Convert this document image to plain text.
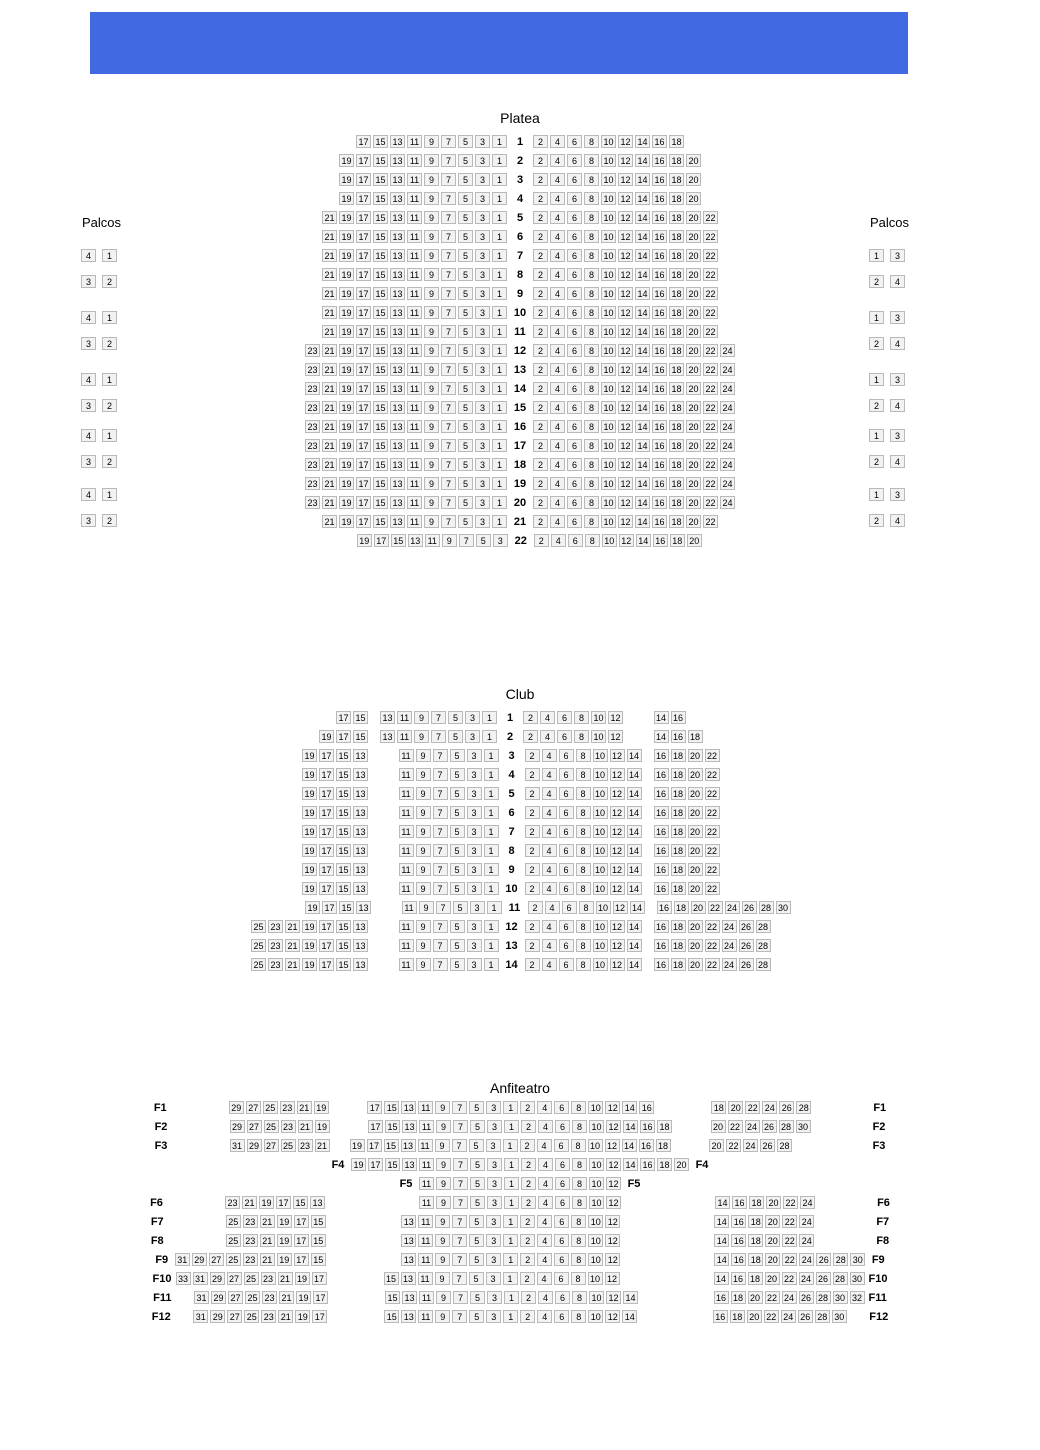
Platea
17 15 13 11	9	7	5	3	1	1	2	4	6	8	10 12 14 16 18
19 17 15 13 11	9	7	5	3	1	2	2	4	6	8	10 12 14 16 18 20
19 17 15 13 11	9	7	5	3	1	3	2	4	6	8	10 12 14 16 18 20
19 17 15 13 11	9	7	5	3	1	4	2	4	6	8	10 12 14 16 18 20
21 19 17 15 13 11	9	7	5	3	1	5	2	4	6	8	10 12 14 16 18 20 22
21 19 17 15 13 11	9	7	5	3	1	6	2	4	6	8	10 12 14 16 18 20 22
21 19 17 15 13 11	9	7	5	3	1	7	2	4	6	8	10 12 14 16 18 20 22
21 19 17 15 13 11	9	7	5	3	1	8	2	4	6	8	10 12 14 16 18 20 22
21 19 17 15 13 11	9	7	5	3	1	9	2	4	6	8	10 12 14 16 18 20 22
21 19 17 15 13 11	9	7	5	3	1	10	2	4	6	8	10 12 14 16 18 20 22
21 19 17 15 13 11	9	7	5	3	1	11	2	4	6	8	10 12 14 16 18 20 22
23 21 19 17 15 13 11	9	7	5	3	1	12	2	4	6	8	10 12 14 16 18 20 22 24
23 21 19 17 15 13 11	9	7	5	3	1	13	2	4	6	8	10 12 14 16 18 20 22 24
23 21 19 17 15 13 11	9	7	5	3	1	14	2	4	6	8	10 12 14 16 18 20 22 24
23 21 19 17 15 13 11	9	7	5	3	1	15	2	4	6	8	10 12 14 16 18 20 22 24
23 21 19 17 15 13 11	9	7	5	3	1	16	2	4	6	8	10 12 14 16 18 20 22 24
23 21 19 17 15 13 11	9	7	5	3	1	17	2	4	6	8	10 12 14 16 18 20 22 24
23 21 19 17 15 13 11	9	7	5	3	1	18	2	4	6	8	10 12 14 16 18 20 22 24
23 21 19 17 15 13 11	9	7	5	3	1	19	2	4	6	8	10 12 14 16 18 20 22 24
23 21 19 17 15 13 11	9	7	5	3	1	20	2	4	6	8	10 12 14 16 18 20 22 24
21 19 17 15 13 11	9	7	5	3	1	21	2	4	6	8	10 12 14 16 18 20 22
19 17 15 13 11	9	7	5	3	22	2	4	6	8	10 12 14 16 18 20
Palcos	Palcos
4	1
3	2
4	1
3	2
4	1
3	2
4	1
3	2
4	1
3	2
1	3
2	4
1	3
2	4
1	3
2	4
1	3
2	4
1	3
2	4
Club
17 15 13 11	9	7	5	3	1	1	2	4	6	8	10 12	14 16
19 17 15 13 11	9	7	5	3	1	2	2	4	6	8	10 12	14 16 18
19 17 15 13	11	9	7	5	3	1	3	2	4	6	8	10 12 14 16 18 20 22
19 17 15 13	11	9	7	5	3	1	4	2	4	6	8	10 12 14 16 18 20 22
19 17 15 13	11	9	7	5	3	1	5	2	4	6	8	10 12 14 16 18 20 22
19 17 15 13	11	9	7	5	3	1	6	2	4	6	8	10 12 14 16 18 20 22
19 17 15 13	11	9	7	5	3	1	7	2	4	6	8	10 12 14 16 18 20 22
19 17 15 13	11	9	7	5	3	1	8	2	4	6	8	10 12 14 16 18 20 22
19 17 15 13	11	9	7	5	3	1	9	2	4	6	8	10 12 14 16 18 20 22
19 17 15 13	11	9	7	5	3	1	10	2	4	6	8	10 12 14 16 18 20 22
19 17 15 13	11	9	7	5	3	1	11	2	4	6	8	10 12 14 16 18 20 22 24 26 28 30
25 23 21 19 17 15 13	11	9	7	5	3	1	12	2	4	6	8	10 12 14 16 18 20 22 24 26 28
25 23 21 19 17 15 13	11	9	7	5	3	1	13	2	4	6	8	10 12 14 16 18 20 22 24 26 28
25 23 21 19 17 15 13	11	9	7	5	3	1	14	2	4	6	8	10 12 14 16 18 20 22 24 26 28
Anfiteatro
F1	29 27 25 23 21 19	17 15 13 11	9	7	5	3	1	2	4	6	8	10 12 14 16	18 20 22 24 26 28	F1
F2	29 27 25 23 21 19	17 15 13 11	9	7	5	3	1	2	4	6	8	10 12 14 16 18	20 22 24 26 28 30	F2
F3	31 29 27 25 23 21	19 17 15 13 11	9	7	5	3	1	2	4	6	8	10 12 14 16 18	20 22 24 26 28	F3
F4 19 17 15 13 11	9	7	5	3	1	2	4	6	8	10 12 14 16 18 20 F4
F5	11	9	7	5	3	1	2	4	6	8	10 12 F5
F6	23 21 19 17 15 13	11	9	7	5	3	1	2	4	6	8	10 12	14 16 18 20 22 24	F6
F7	25 23 21 19 17 15	13 11	9	7	5	3	1	2	4	6	8	10 12	14 16 18 20 22 24	F7
F8	25 23 21 19 17 15	13 11	9	7	5	3	1	2	4	6	8	10 12	14 16 18 20 22 24	F8
F9 31 29 27 25 23 21 19 17 15	13 11	9	7	5	3	1	2	4	6	8	10 12	14 16 18 20 22 24 26 28 30 F9
F10 33 31 29 27 25 23 21 19 17	15 13 11	9	7	5	3	1	2	4	6	8	10 12	14 16 18 20 22 24 26 28 30 F10
F11	31 29 27 25 23 21 19 17	15 13 11	9	7	5	3	1	2	4	6	8	10 12 14	16 18 20 22 24 26 28 30 32 F11
F12	31 29 27 25 23 21 19 17	15 13 11	9	7	5	3	1	2	4	6	8	10 12 14	16 18 20 22 24 26 28 30 F12
